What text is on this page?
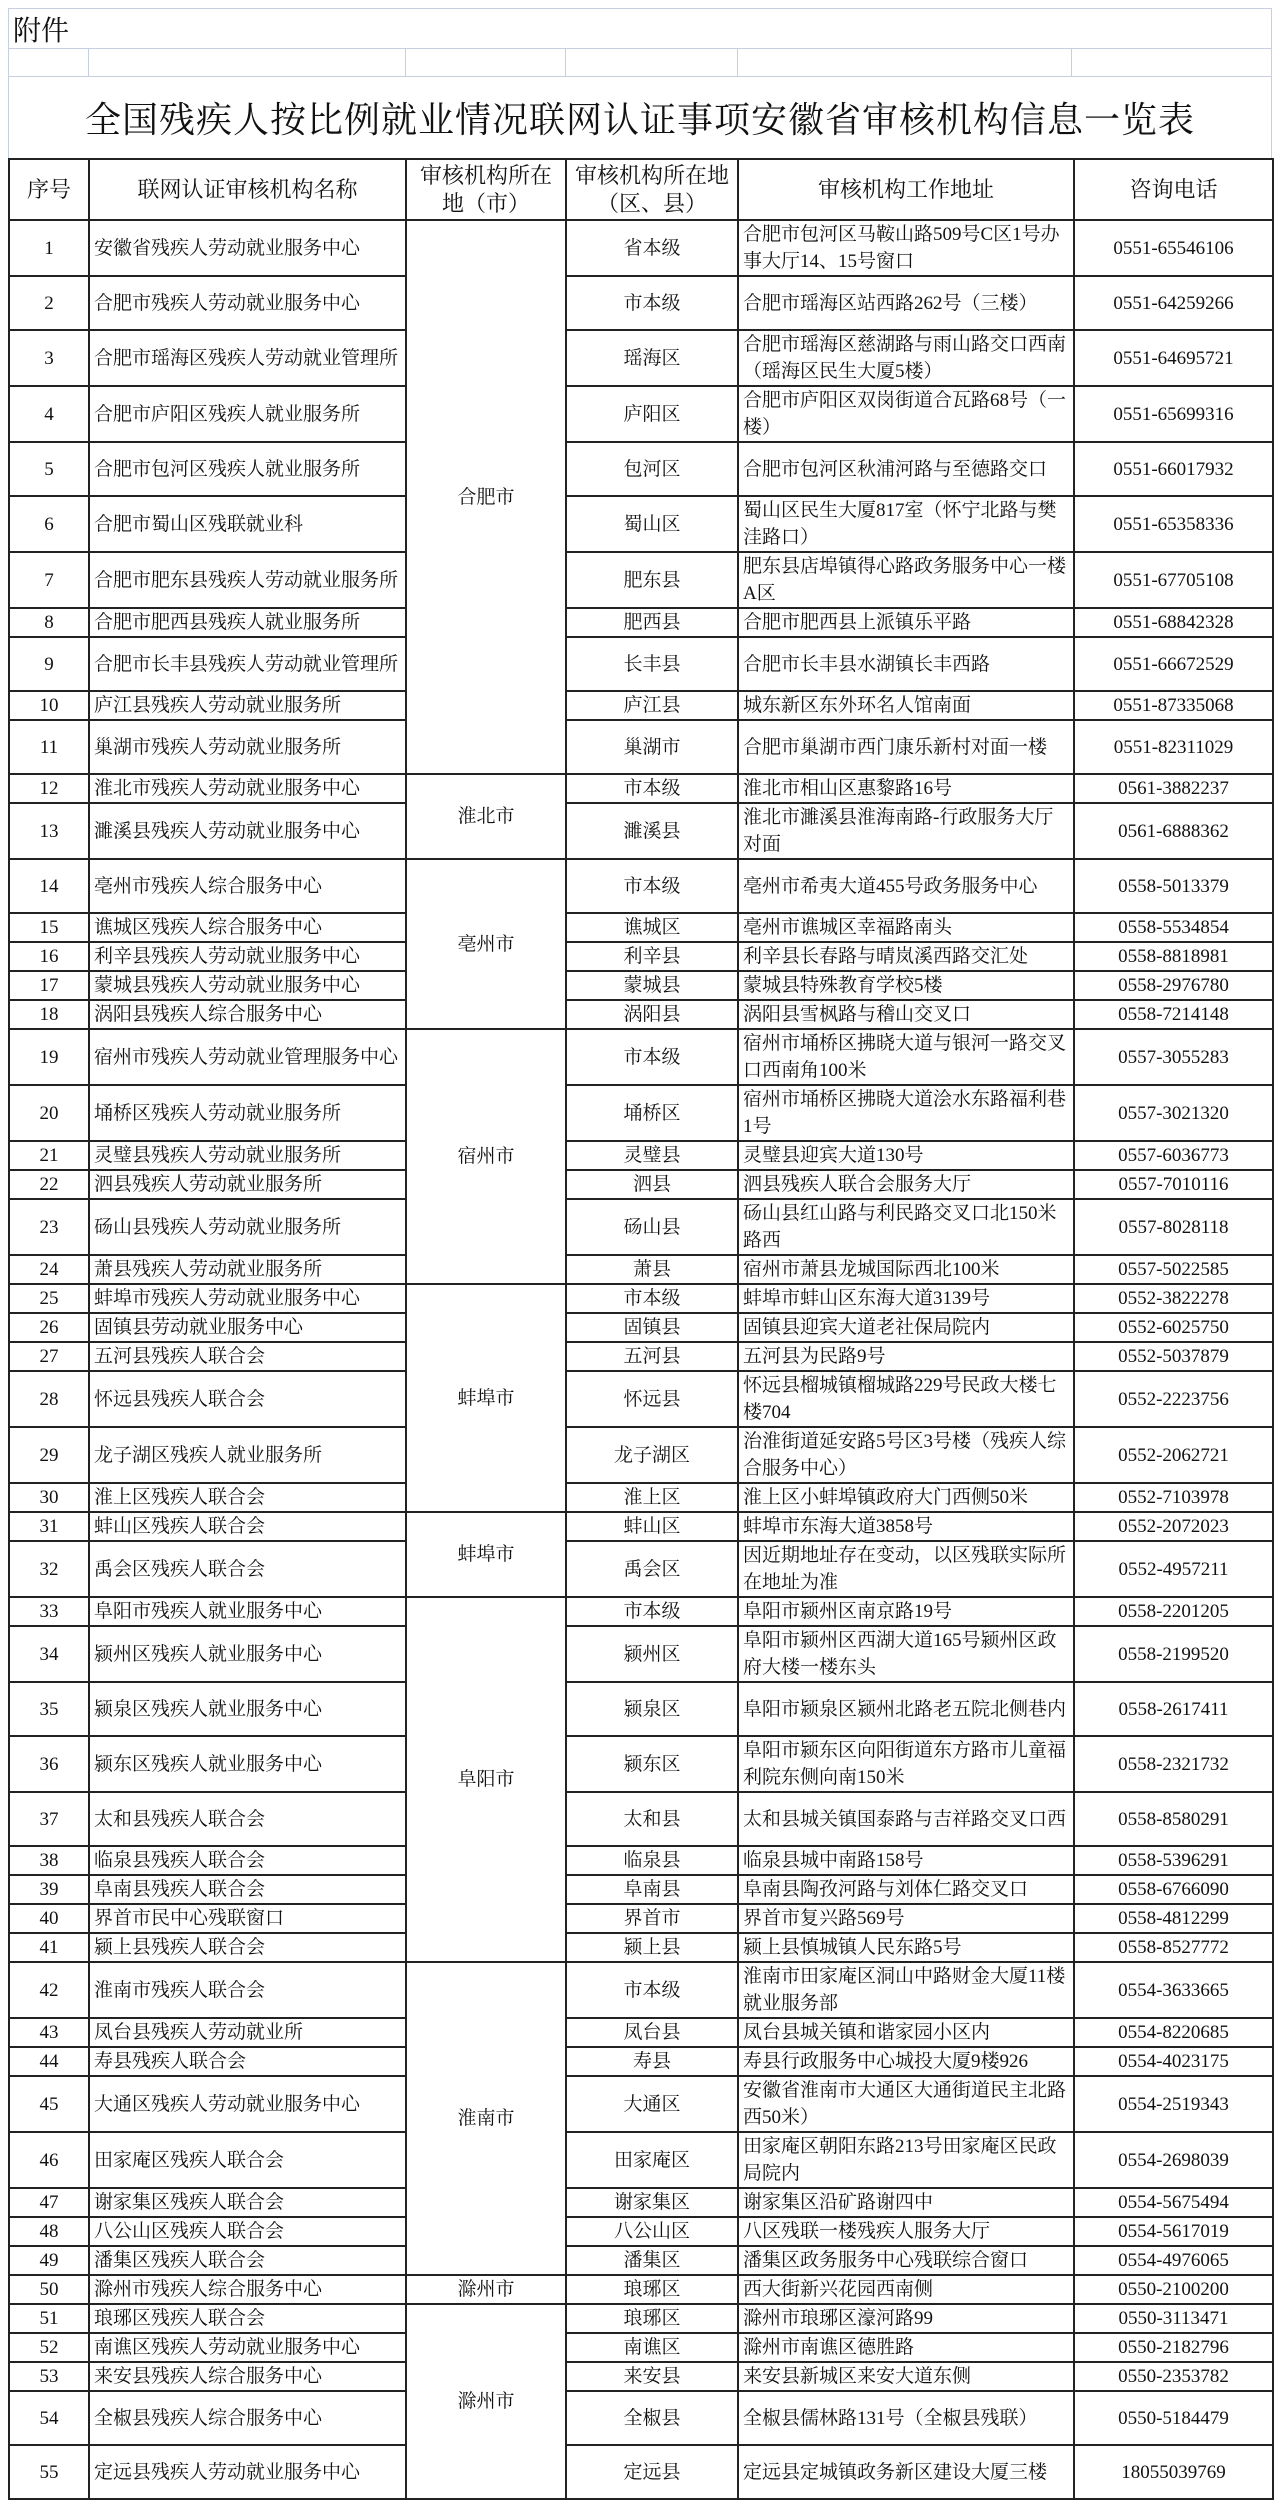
附件
全国残疾人按比例就业情况联网认证事项安徽省审核机构信息一览表
序号	联网认证审核机构名称	审核机构所在地（市）	审核机构所在地（区、县）	审核机构工作地址	咨询电话
1	安徽省残疾人劳动就业服务中心	合肥市	省本级	合肥市包河区马鞍山路509号C区1号办事大厅14、15号窗口	0551-65546106
2	合肥市残疾人劳动就业服务中心		市本级	合肥市瑶海区站西路262号（三楼）	0551-64259266
3	合肥市瑶海区残疾人劳动就业管理所		瑶海区	合肥市瑶海区慈湖路与雨山路交口西南（瑶海区民生大厦5楼）	0551-64695721
4	合肥市庐阳区残疾人就业服务所		庐阳区	合肥市庐阳区双岗街道合瓦路68号（一楼）	0551-65699316
5	合肥市包河区残疾人就业服务所		包河区	合肥市包河区秋浦河路与至德路交口	0551-66017932
6	合肥市蜀山区残联就业科		蜀山区	蜀山区民生大厦817室（怀宁北路与樊洼路口）	0551-65358336
7	合肥市肥东县残疾人劳动就业服务所		肥东县	肥东县店埠镇得心路政务服务中心一楼A区	0551-67705108
8	合肥市肥西县残疾人就业服务所		肥西县	合肥市肥西县上派镇乐平路	0551-68842328
9	合肥市长丰县残疾人劳动就业管理所		长丰县	合肥市长丰县水湖镇长丰西路	0551-66672529
10	庐江县残疾人劳动就业服务所		庐江县	城东新区东外环名人馆南面	0551-87335068
11	巢湖市残疾人劳动就业服务所		巢湖市	合肥市巢湖市西门康乐新村对面一楼	0551-82311029
12	淮北市残疾人劳动就业服务中心	淮北市	市本级	淮北市相山区惠黎路16号	0561-3882237
13	濉溪县残疾人劳动就业服务中心		濉溪县	淮北市濉溪县淮海南路-行政服务大厅对面	0561-6888362
14	亳州市残疾人综合服务中心	亳州市	市本级	亳州市希夷大道455号政务服务中心	0558-5013379
15	谯城区残疾人综合服务中心		谯城区	亳州市谯城区幸福路南头	0558-5534854
16	利辛县残疾人劳动就业服务中心		利辛县	利辛县长春路与晴岚溪西路交汇处	0558-8818981
17	蒙城县残疾人劳动就业服务中心		蒙城县	蒙城县特殊教育学校5楼	0558-2976780
18	涡阳县残疾人综合服务中心		涡阳县	涡阳县雪枫路与稽山交叉口	0558-7214148
19	宿州市残疾人劳动就业管理服务中心	宿州市	市本级	宿州市埇桥区拂晓大道与银河一路交叉口西南角100米	0557-3055283
20	埇桥区残疾人劳动就业服务所		埇桥区	宿州市埇桥区拂晓大道浍水东路福利巷1号	0557-3021320
21	灵璧县残疾人劳动就业服务所		灵璧县	灵璧县迎宾大道130号	0557-6036773
22	泗县残疾人劳动就业服务所		泗县	泗县残疾人联合会服务大厅	0557-7010116
23	砀山县残疾人劳动就业服务所		砀山县	砀山县红山路与利民路交叉口北150米路西	0557-8028118
24	萧县残疾人劳动就业服务所		萧县	宿州市萧县龙城国际西北100米	0557-5022585
25	蚌埠市残疾人劳动就业服务中心	蚌埠市	市本级	蚌埠市蚌山区东海大道3139号	0552-3822278
26	固镇县劳动就业服务中心		固镇县	固镇县迎宾大道老社保局院内	0552-6025750
27	五河县残疾人联合会		五河县	五河县为民路9号	0552-5037879
28	怀远县残疾人联合会		怀远县	怀远县榴城镇榴城路229号民政大楼七楼704	0552-2223756
29	龙子湖区残疾人就业服务所		龙子湖区	治淮街道延安路5号区3号楼（残疾人综合服务中心）	0552-2062721
30	淮上区残疾人联合会		淮上区	淮上区小蚌埠镇政府大门西侧50米	0552-7103978
31	蚌山区残疾人联合会	蚌埠市	蚌山区	蚌埠市东海大道3858号	0552-2072023
32	禹会区残疾人联合会		禹会区	因近期地址存在变动，以区残联实际所在地址为准	0552-4957211
33	阜阳市残疾人就业服务中心	阜阳市	市本级	阜阳市颍州区南京路19号	0558-2201205
34	颍州区残疾人就业服务中心		颍州区	阜阳市颍州区西湖大道165号颍州区政府大楼一楼东头	0558-2199520
35	颍泉区残疾人就业服务中心		颍泉区	阜阳市颍泉区颍州北路老五院北侧巷内	0558-2617411
36	颍东区残疾人就业服务中心		颍东区	阜阳市颍东区向阳街道东方路市儿童福利院东侧向南150米	0558-2321732
37	太和县残疾人联合会		太和县	太和县城关镇国泰路与吉祥路交叉口西	0558-8580291
38	临泉县残疾人联合会		临泉县	临泉县城中南路158号	0558-5396291
39	阜南县残疾人联合会		阜南县	阜南县陶孜河路与刘体仁路交叉口	0558-6766090
40	界首市民中心残联窗口		界首市	界首市复兴路569号	0558-4812299
41	颍上县残疾人联合会		颍上县	颍上县慎城镇人民东路5号	0558-8527772
42	淮南市残疾人联合会	淮南市	市本级	淮南市田家庵区洞山中路财金大厦11楼就业服务部	0554-3633665
43	凤台县残疾人劳动就业所		凤台县	凤台县城关镇和谐家园小区内	0554-8220685
44	寿县残疾人联合会		寿县	寿县行政服务中心城投大厦9楼926	0554-4023175
45	大通区残疾人劳动就业服务中心		大通区	安徽省淮南市大通区大通街道民主北路西50米）	0554-2519343
46	田家庵区残疾人联合会		田家庵区	田家庵区朝阳东路213号田家庵区民政局院内	0554-2698039
47	谢家集区残疾人联合会		谢家集区	谢家集区沿矿路谢四中	0554-5675494
48	八公山区残疾人联合会		八公山区	八区残联一楼残疾人服务大厅	0554-5617019
49	潘集区残疾人联合会		潘集区	潘集区政务服务中心残联综合窗口	0554-4976065
50	滁州市残疾人综合服务中心	滁州市	琅琊区	西大街新兴花园西南侧	0550-2100200
51	琅琊区残疾人联合会	滁州市	琅琊区	滁州市琅琊区濠河路99	0550-3113471
52	南谯区残疾人劳动就业服务中心		南谯区	滁州市南谯区德胜路	0550-2182796
53	来安县残疾人综合服务中心		来安县	来安县新城区来安大道东侧	0550-2353782
54	全椒县残疾人综合服务中心		全椒县	全椒县儒林路131号（全椒县残联）	0550-5184479
55	定远县残疾人劳动就业服务中心		定远县	定远县定城镇政务新区建设大厦三楼	18055039769
